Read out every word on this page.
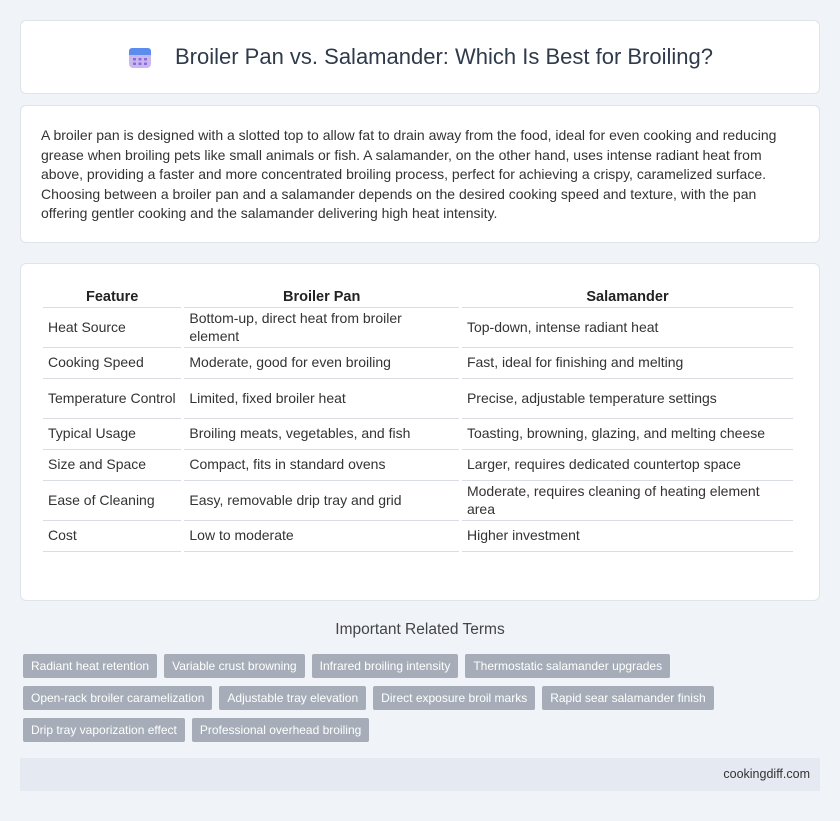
Broiler Pan vs. Salamander: Which Is Best for Broiling?

A broiler pan is designed with a slotted top to allow fat to drain away from the food, ideal for even cooking and reducing grease when broiling pets like small animals or fish. A salamander, on the other hand, uses intense radiant heat from above, providing a faster and more concentrated broiling process, perfect for achieving a crispy, caramelized surface. Choosing between a broiler pan and a salamander depends on the desired cooking speed and texture, with the pan offering gentler cooking and the salamander delivering high heat intensity.

Feature	Broiler Pan	Salamander
Heat Source	Bottom-up, direct heat from broiler element	Top-down, intense radiant heat
Cooking Speed	Moderate, good for even broiling	Fast, ideal for finishing and melting
Temperature Control	Limited, fixed broiler heat	Precise, adjustable temperature settings
Typical Usage	Broiling meats, vegetables, and fish	Toasting, browning, glazing, and melting cheese
Size and Space	Compact, fits in standard ovens	Larger, requires dedicated countertop space
Ease of Cleaning	Easy, removable drip tray and grid	Moderate, requires cleaning of heating element area
Cost	Low to moderate	Higher investment
Important Related Terms
Radiant heat retention	Variable crust browning	Infrared broiling intensity	Thermostatic salamander upgrades
Open-rack broiler caramelization	Adjustable tray elevation	Direct exposure broil marks	Rapid sear salamander finish
Drip tray vaporization effect	Professional overhead broiling
cookingdiff.com
